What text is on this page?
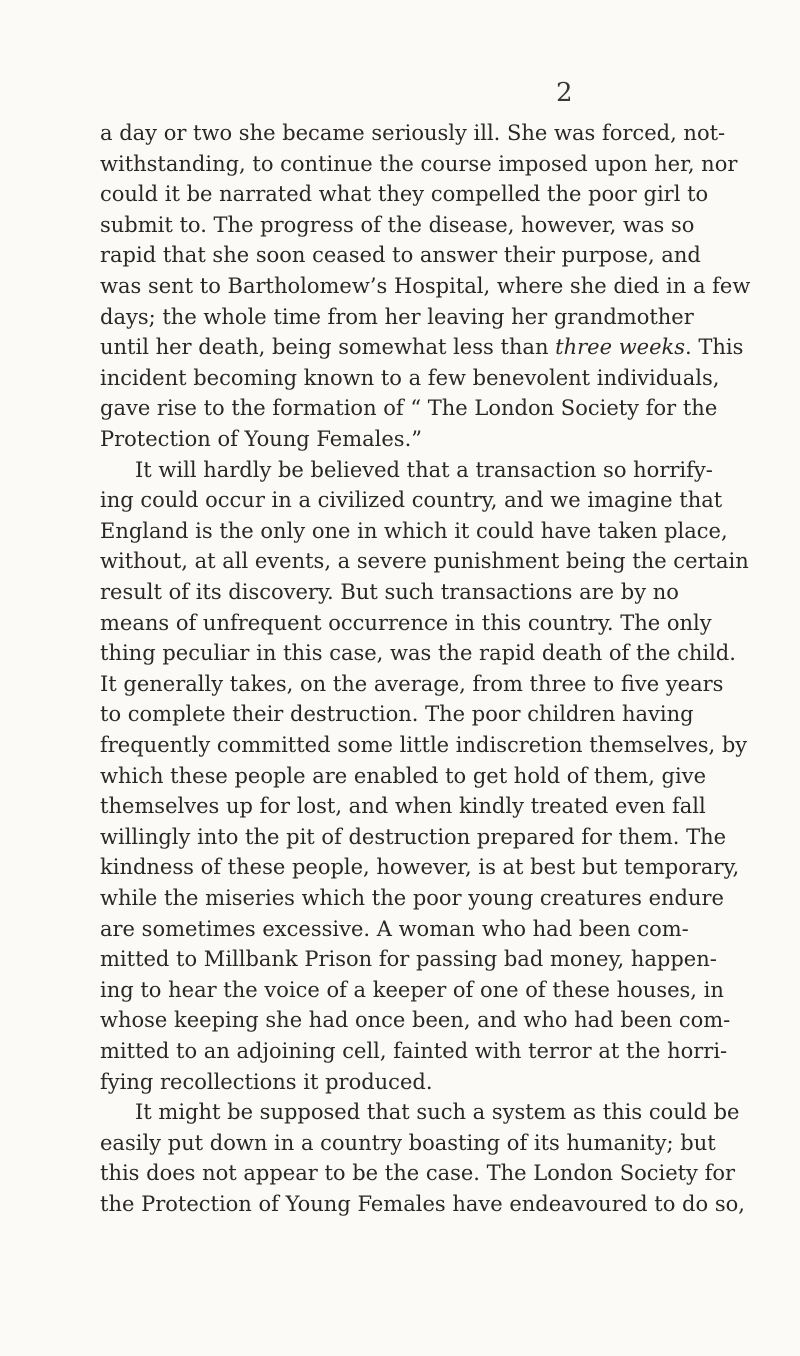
2
a day or two she became seriously ill. She was forced, not-
withstanding, to continue the course imposed upon her, nor
could it be narrated what they compelled the poor girl to
submit to. The progress of the disease, however, was so
rapid that she soon ceased to answer their purpose, and
was sent to Bartholomew’s Hospital, where she died in a few
days; the whole time from her leaving her grandmother
until her death, being somewhat less than three weeks. This
incident becoming known to a few benevolent individuals,
gave rise to the formation of “ The London Society for the
Protection of Young Females.”
It will hardly be believed that a transaction so horrify-
ing could occur in a civilized country, and we imagine that
England is the only one in which it could have taken place,
without, at all events, a severe punishment being the certain
result of its discovery. But such transactions are by no
means of unfrequent occurrence in this country. The only
thing peculiar in this case, was the rapid death of the child.
It generally takes, on the average, from three to five years
to complete their destruction. The poor children having
frequently committed some little indiscretion themselves, by
which these people are enabled to get hold of them, give
themselves up for lost, and when kindly treated even fall
willingly into the pit of destruction prepared for them. The
kindness of these people, however, is at best but temporary,
while the miseries which the poor young creatures endure
are sometimes excessive. A woman who had been com-
mitted to Millbank Prison for passing bad money, happen-
ing to hear the voice of a keeper of one of these houses, in
whose keeping she had once been, and who had been com-
mitted to an adjoining cell, fainted with terror at the horri-
fying recollections it produced.
It might be supposed that such a system as this could be
easily put down in a country boasting of its humanity; but
this does not appear to be the case. The London Society for
the Protection of Young Females have endeavoured to do so,
